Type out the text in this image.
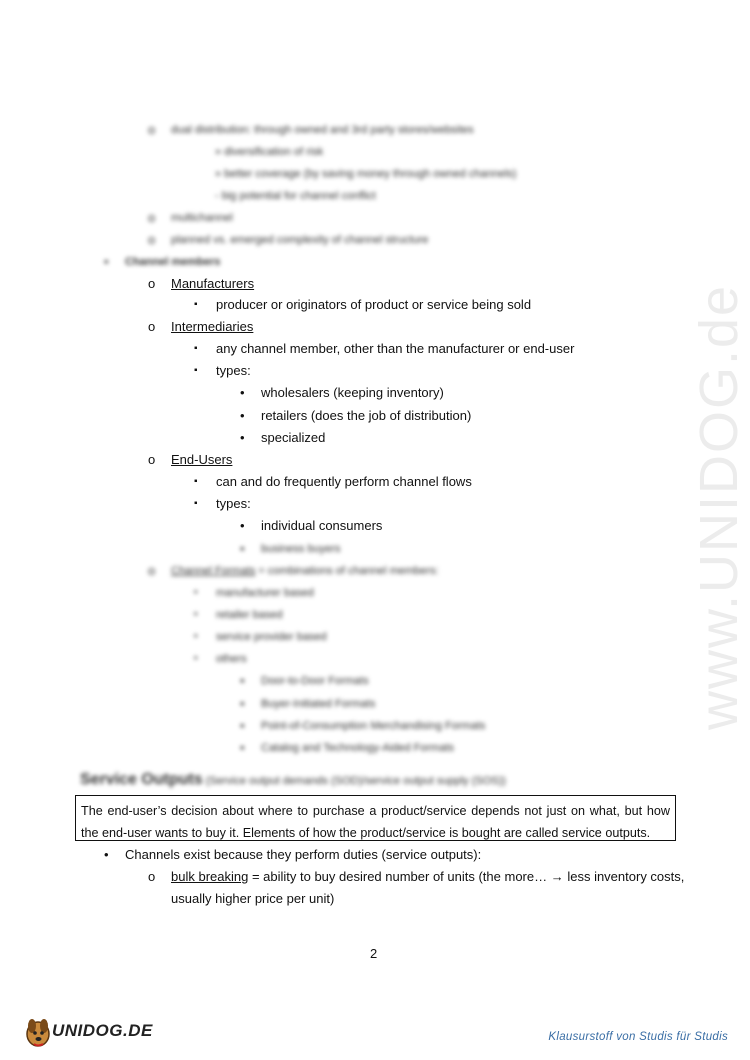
www.UNIDOG.de
o dual distribution: through owned and 3rd party stores/websites
» diversification of risk
» better coverage (by saving money through owned channels)
- big potential for channel conflict
o multichannel
o planned vs. emerged complexity of channel structure
• Channel members
o Manufacturers
▪ producer or originators of product or service being sold
o Intermediaries
▪ any channel member, other than the manufacturer or end-user
▪ types:
• wholesalers (keeping inventory)
• retailers (does the job of distribution)
• specialized
o End-Users
▪ can and do frequently perform channel flows
▪ types:
• individual consumers
• business buyers
o Channel Formats = combinations of channel members:
▪ manufacturer based
▪ retailer based
▪ service provider based
▪ others
• Door-to-Door Formats
• Buyer-Initiated Formats
• Point-of-Consumption Merchandising Formats
• Catalog and Technology-Aided Formats
Service Outputs (Service output demands (SOD)/service output supply (SOS))
The end-user’s decision about where to purchase a product/service depends not just on what, but how
the end-user wants to buy it. Elements of how the product/service is bought are called service outputs.
• Channels exist because they perform duties (service outputs):
o bulk breaking = ability to buy desired number of units (the more… → less inventory costs,
usually higher price per unit)
2
UNIDOG.DE	Klausurstoff von Studis für Studis
